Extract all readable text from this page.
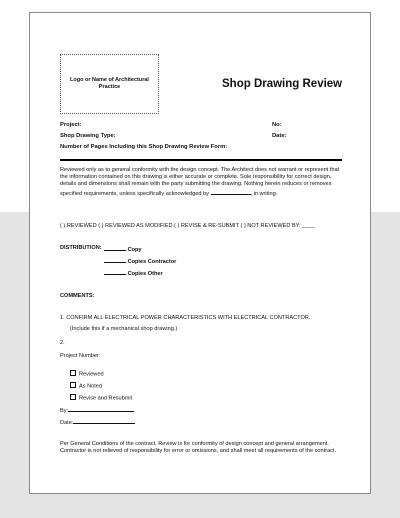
Logo or Name of Architectural Practice	Shop Drawing Review
Project:	No:
Shop Drawing Type:	Date:
Number of Pages Including this Shop Drawing Review Form:
Reviewed only as to general conformity with the design concept. The Architect does not warrant or represent that the information contained on this drawing is either accurate or complete. Sole responsibility for correct design, details and dimensions shall remain with the party submitting the drawing. Nothing herein reduces or removes specified requirements, unless specifically acknowledged by	, in writing.
( ) REVIEWED ( ) REVIEWED AS MODIFIED ( ) REVISE & RE-SUBMIT ( ) NOT REVIEWED BY: ____
DISTRIBUTION:	Copy
Copies Contractor
Copies Other
COMMENTS:
1. CONFIRM ALL ELECTRICAL POWER CHARACTERISTICS WITH ELECTRICAL CONTRACTOR.
(Include this if a mechanical shop drawing.)
2.
Project Number:
Reviewed
As Noted
Revise and Resubmit
By:
Date:
Per General Conditions of the contract. Review is for conformity of design concept and general arrangement. Contractor is not relieved of responsibility for error or omissions, and shall meet all requirements of the contract.
